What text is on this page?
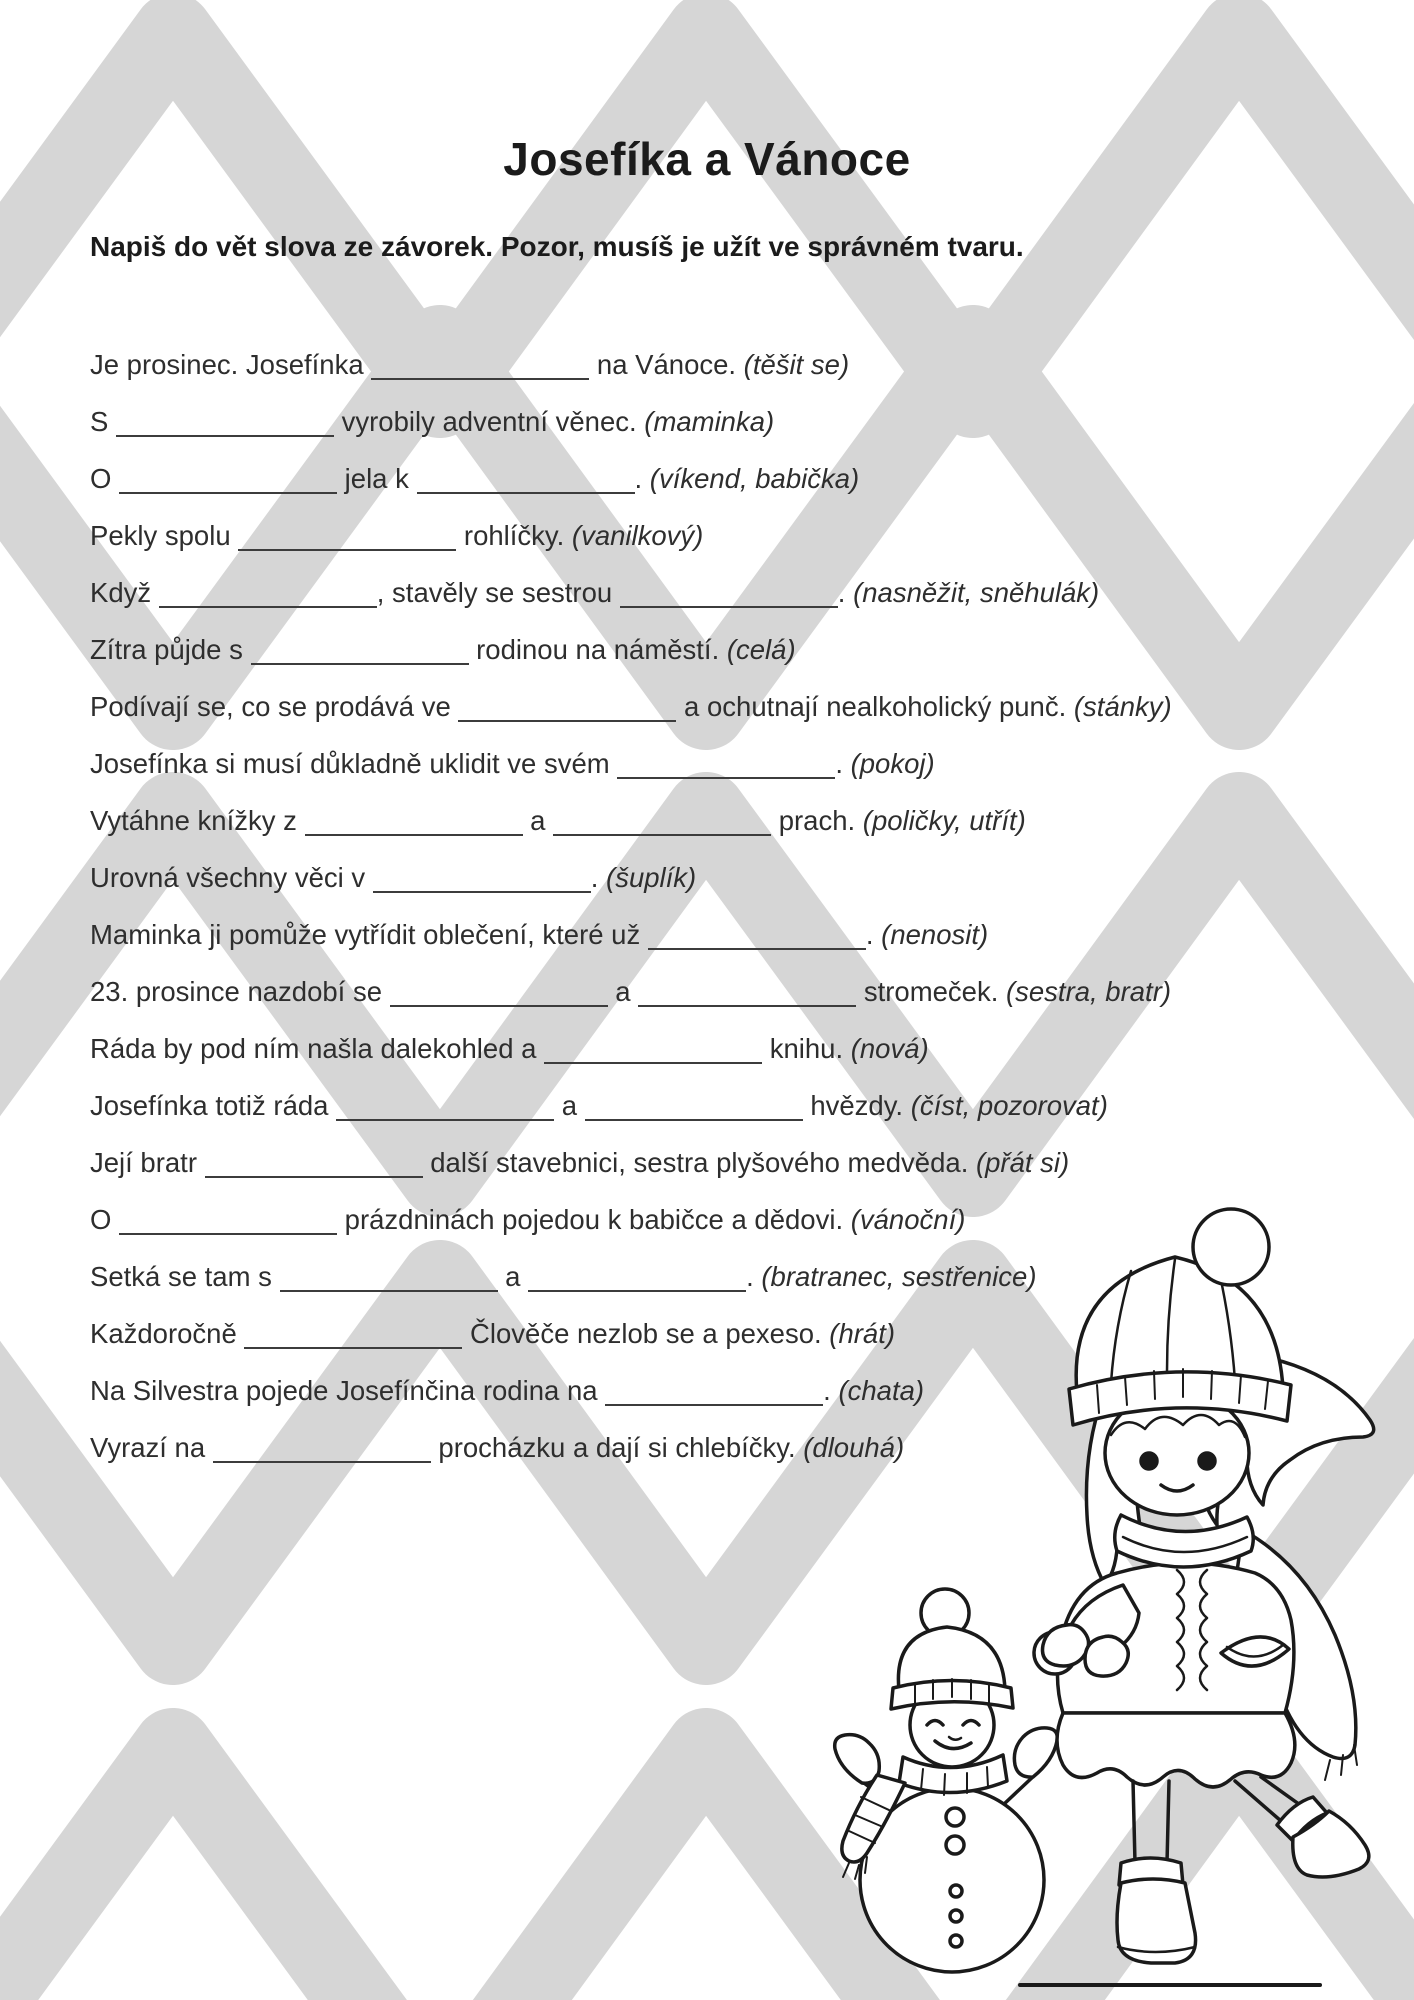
Josefíka a Vánoce

Napiš do vět slova ze závorek. Pozor, musíš je užít ve správném tvaru.

Je prosinec. Josefínka	na Vánoce. (těšit se)
S	vyrobily adventní věnec. (maminka)
O	jela k	. (víkend, babička)
Pekly spolu	rohlíčky. (vanilkový)
Když	, stavěly se sestrou	. (nasněžit, sněhulák)
Zítra půjde s	rodinou na náměstí. (celá)
Podívají se, co se prodává ve	a ochutnají nealkoholický punč. (stánky)
Josefínka si musí důkladně uklidit ve svém	. (pokoj)
Vytáhne knížky z	a	prach. (poličky, utřít)
Urovná všechny věci v	. (šuplík)
Maminka ji pomůže vytřídit oblečení, které už	. (nenosit)
23. prosince nazdobí se	a	stromeček. (sestra, bratr)
Ráda by pod ním našla dalekohled a	knihu. (nová)
Josefínka totiž ráda	a	hvězdy. (číst, pozorovat)
Její bratr	další stavebnici, sestra plyšového medvěda. (přát si)
O	prázdninách pojedou k babičce a dědovi. (vánoční)
Setká se tam s	a	. (bratranec, sestřenice)
Každoročně	Člověče nezlob se a pexeso. (hrát)
Na Silvestra pojede Josefínčina rodina na	. (chata)
Vyrazí na	procházku a dají si chlebíčky. (dlouhá)
